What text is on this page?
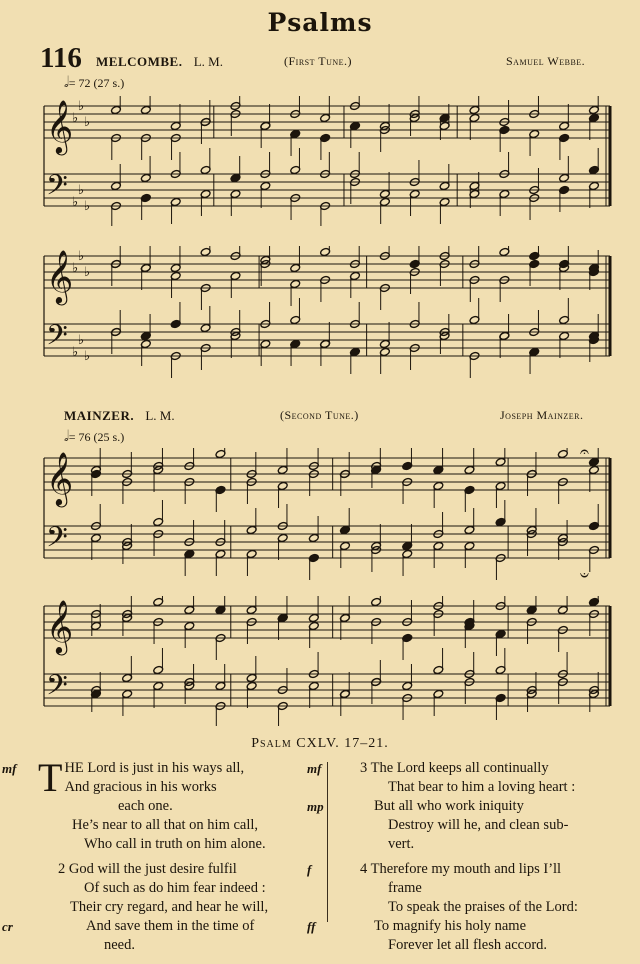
Psalms
116 MELCOMBE. L. M.	(First Tune.)	Samuel Webbe.
𝅗𝅥= 72 (27 s.)
MAINZER. L. M.	(Second Tune.)	Joseph Mainzer.
𝅗𝅥= 76 (25 s.)
𝄞
♭
♭
♭
𝄢 ♭
♭
♭
𝄞
♭
♭
♭
𝄢 ♭
♭
♭
𝄞
𝄢
𝄐
𝄑
𝄞
𝄢
Psalm CXLV. 17–21.
mf T HE Lord is just in his ways all,
And gracious in his works
each one.
He’s near to all that on him call,
Who call in truth on him alone.
2 God will the just desire fulfil
Of such as do him fear indeed :
Their cry regard, and hear he will,
cr	And save them in the time of
need.
mf	3 The Lord keeps all continually
That bear to him a loving heart :
mp	But all who work iniquity
Destroy will he, and clean sub-
vert.
f	4 Therefore my mouth and lips I’ll
frame
To speak the praises of the Lord:
ff	To magnify his holy name
Forever let all flesh accord.
